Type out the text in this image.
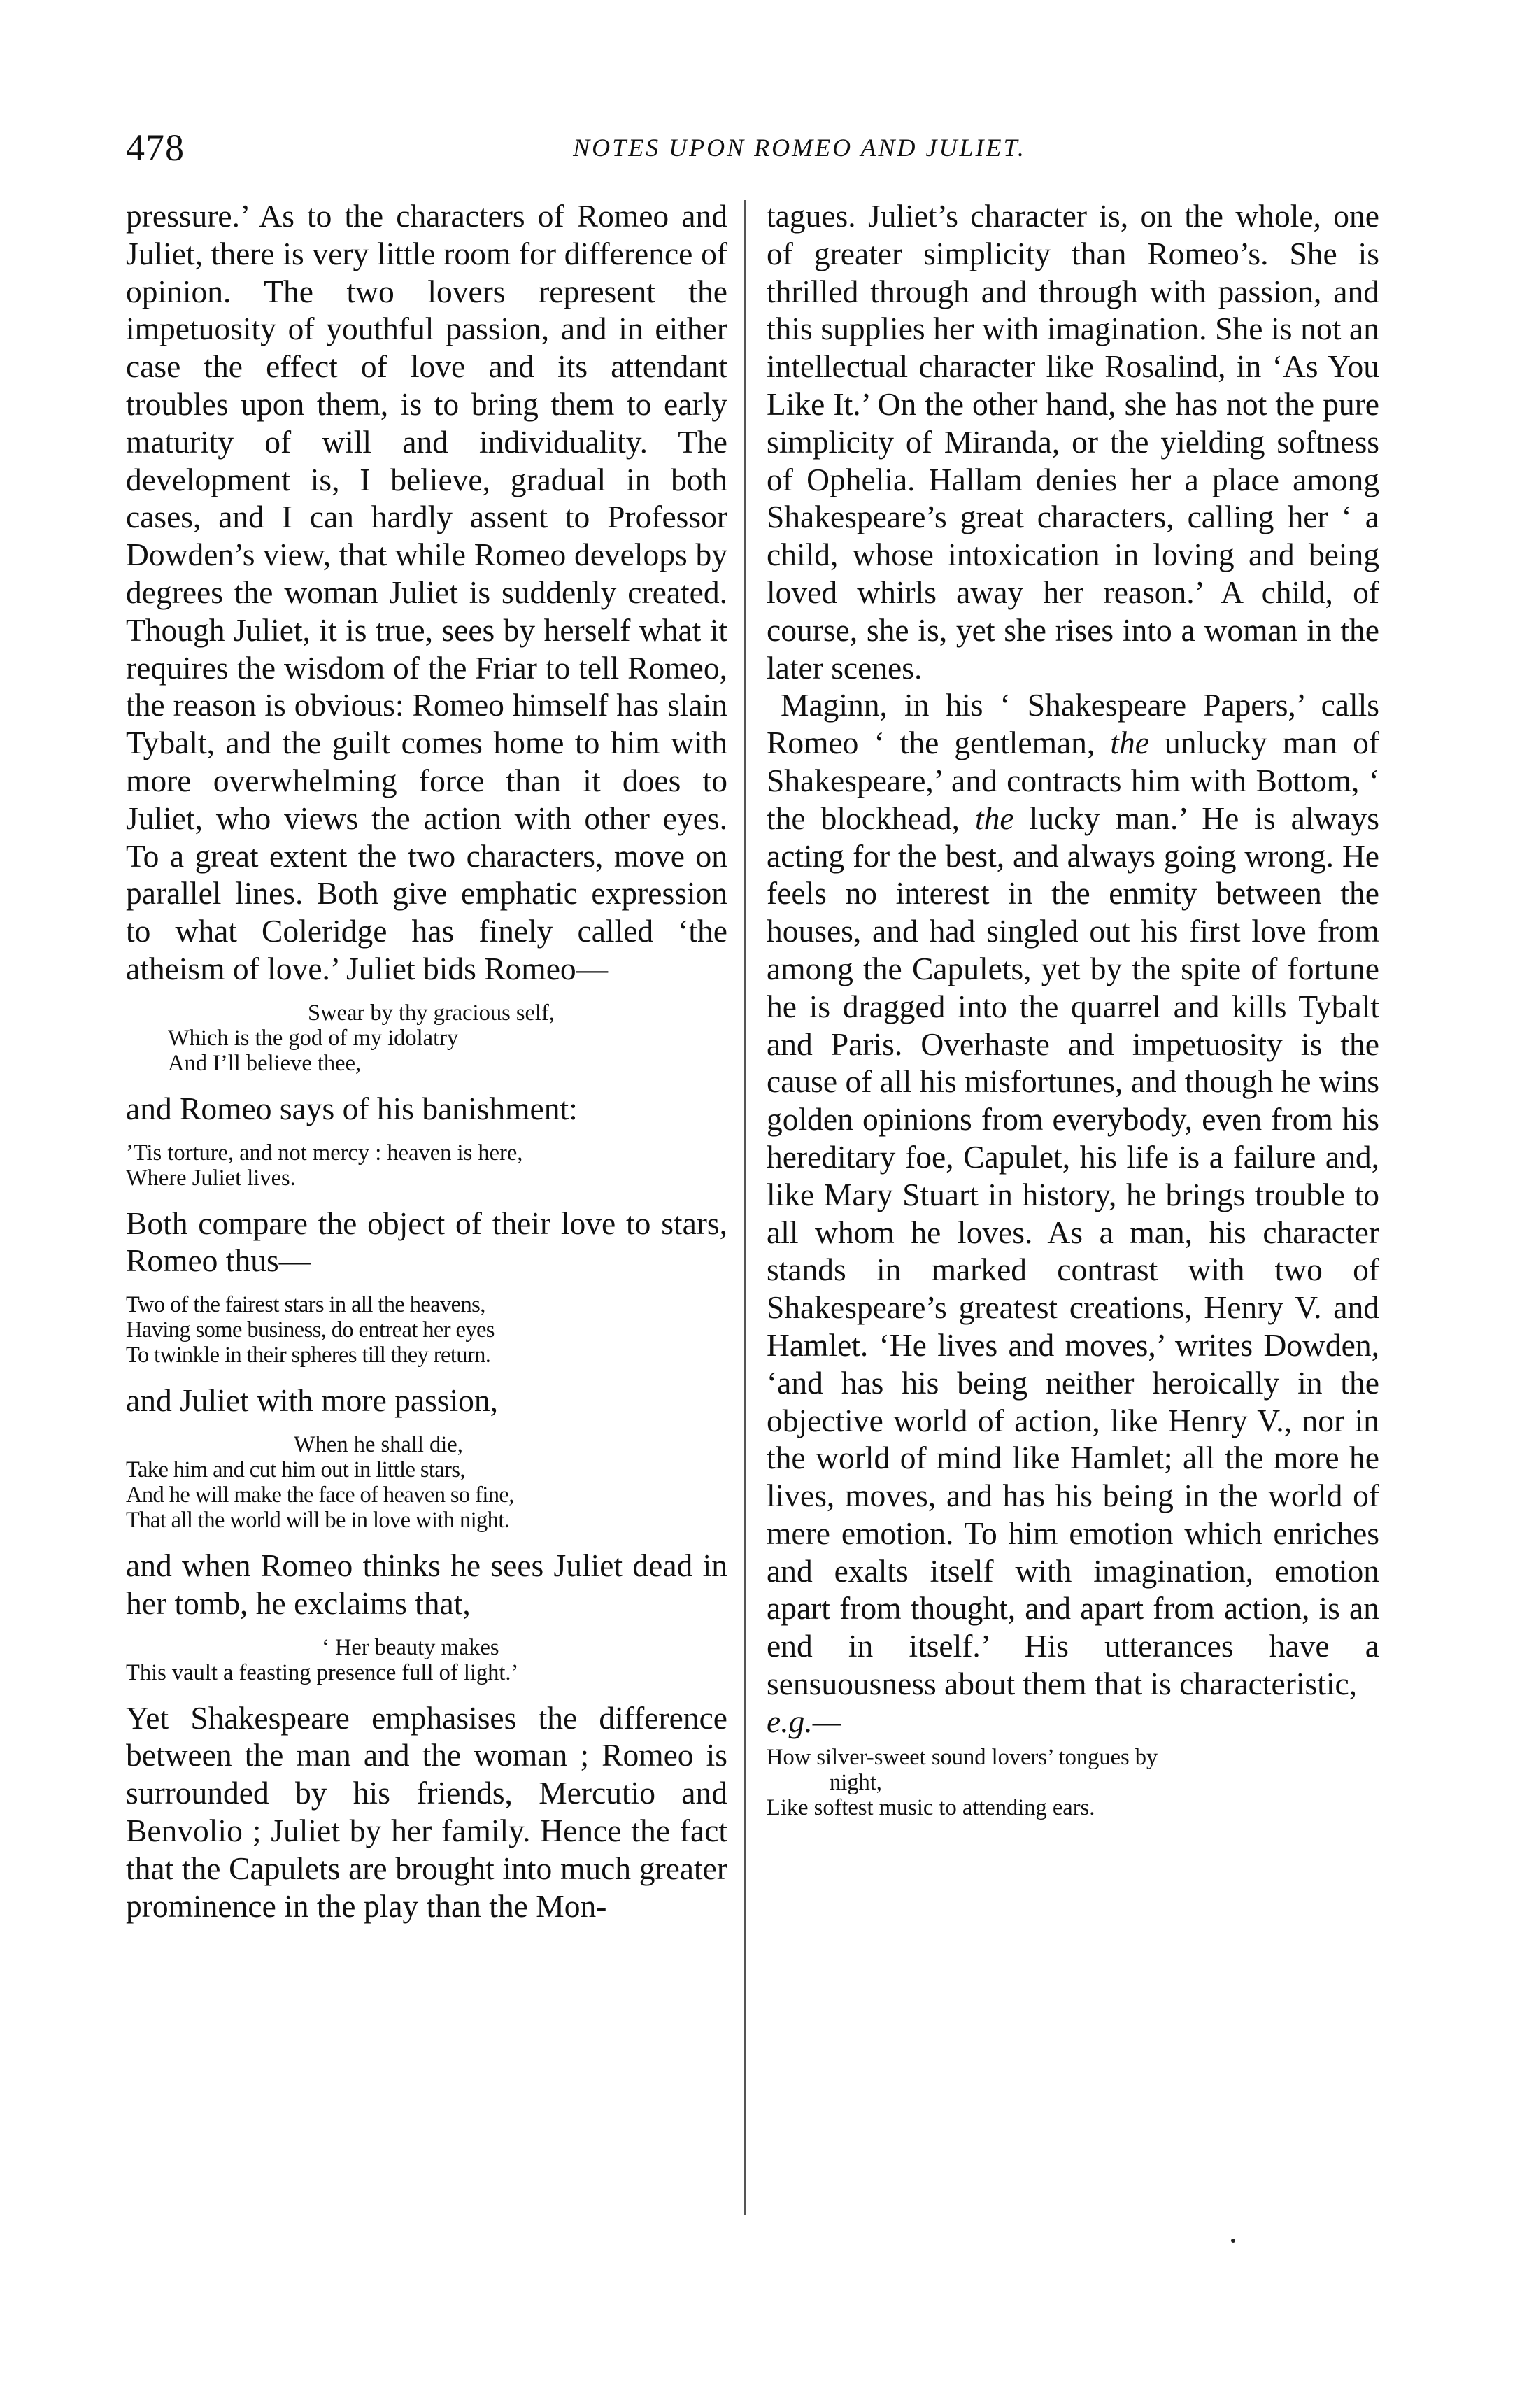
478	NOTES UPON ROMEO AND JULIET.

pressure.’ As to the characters of Romeo and Juliet, there is very little room for difference of opinion. The two lovers represent the impetuosity of youthful passion, and in either case the effect of love and its attendant troubles upon them, is to bring them to early maturity of will and individuality. The development is, I believe, gradual in both cases, and I can hardly assent to Professor Dowden’s view, that while Romeo develops by degrees the woman Juliet is suddenly created. Though Juliet, it is true, sees by herself what it requires the wisdom of the Friar to tell Romeo, the reason is obvious: Romeo himself has slain Tybalt, and the guilt comes home to him with more overwhelming force than it does to Juliet, who views the action with other eyes. To a great extent the two characters, move on parallel lines. Both give emphatic expression to what Coleridge has finely called ‘the atheism of love.’ Juliet bids Romeo—

Swear by thy gracious self,
Which is the god of my idolatry
And I’ll believe thee,

and Romeo says of his banishment:

’Tis torture, and not mercy : heaven is here,
Where Juliet lives.

Both compare the object of their love to stars, Romeo thus—

Two of the fairest stars in all the heavens,
Having some business, do entreat her eyes
To twinkle in their spheres till they return.

and Juliet with more passion,

When he shall die,
Take him and cut him out in little stars,
And he will make the face of heaven so fine,
That all the world will be in love with night.

and when Romeo thinks he sees Juliet dead in her tomb, he exclaims that,

‘ Her beauty makes
This vault a feasting presence full of light.’

Yet Shakespeare emphasises the difference between the man and the woman ; Romeo is surrounded by his friends, Mercutio and Benvolio ; Juliet by her family. Hence the fact that the Capulets are brought into much greater prominence in the play than the Mon-

tagues. Juliet’s character is, on the whole, one of greater simplicity than Romeo’s. She is thrilled through and through with passion, and this supplies her with imagination. She is not an intellectual character like Rosalind, in ‘As You Like It.’ On the other hand, she has not the pure simplicity of Miranda, or the yielding softness of Ophelia. Hallam denies her a place among Shakespeare’s great characters, calling her ‘ a child, whose intoxication in loving and being loved whirls away her reason.’ A child, of course, she is, yet she rises into a woman in the later scenes.

Maginn, in his ‘ Shakespeare Papers,’ calls Romeo ‘ the gentleman, the unlucky man of Shakespeare,’ and contracts him with Bottom, ‘ the blockhead, the lucky man.’ He is always acting for the best, and always going wrong. He feels no interest in the enmity between the houses, and had singled out his first love from among the Capulets, yet by the spite of fortune he is dragged into the quarrel and kills Tybalt and Paris. Overhaste and impetuosity is the cause of all his misfortunes, and though he wins golden opinions from everybody, even from his hereditary foe, Capulet, his life is a failure and, like Mary Stuart in history, he brings trouble to all whom he loves. As a man, his character stands in marked contrast with two of Shakespeare’s greatest creations, Henry V. and Hamlet. ‘He lives and moves,’ writes Dowden, ‘and has his being neither heroically in the objective world of action, like Henry V., nor in the world of mind like Hamlet; all the more he lives, moves, and has his being in the world of mere emotion. To him emotion which enriches and exalts itself with imagination, emotion apart from thought, and apart from action, is an end in itself.’ His utterances have a sensuousness about them that is characteristic,

e.g.—

How silver-sweet sound lovers’ tongues by
night,
Like softest music to attending ears.
